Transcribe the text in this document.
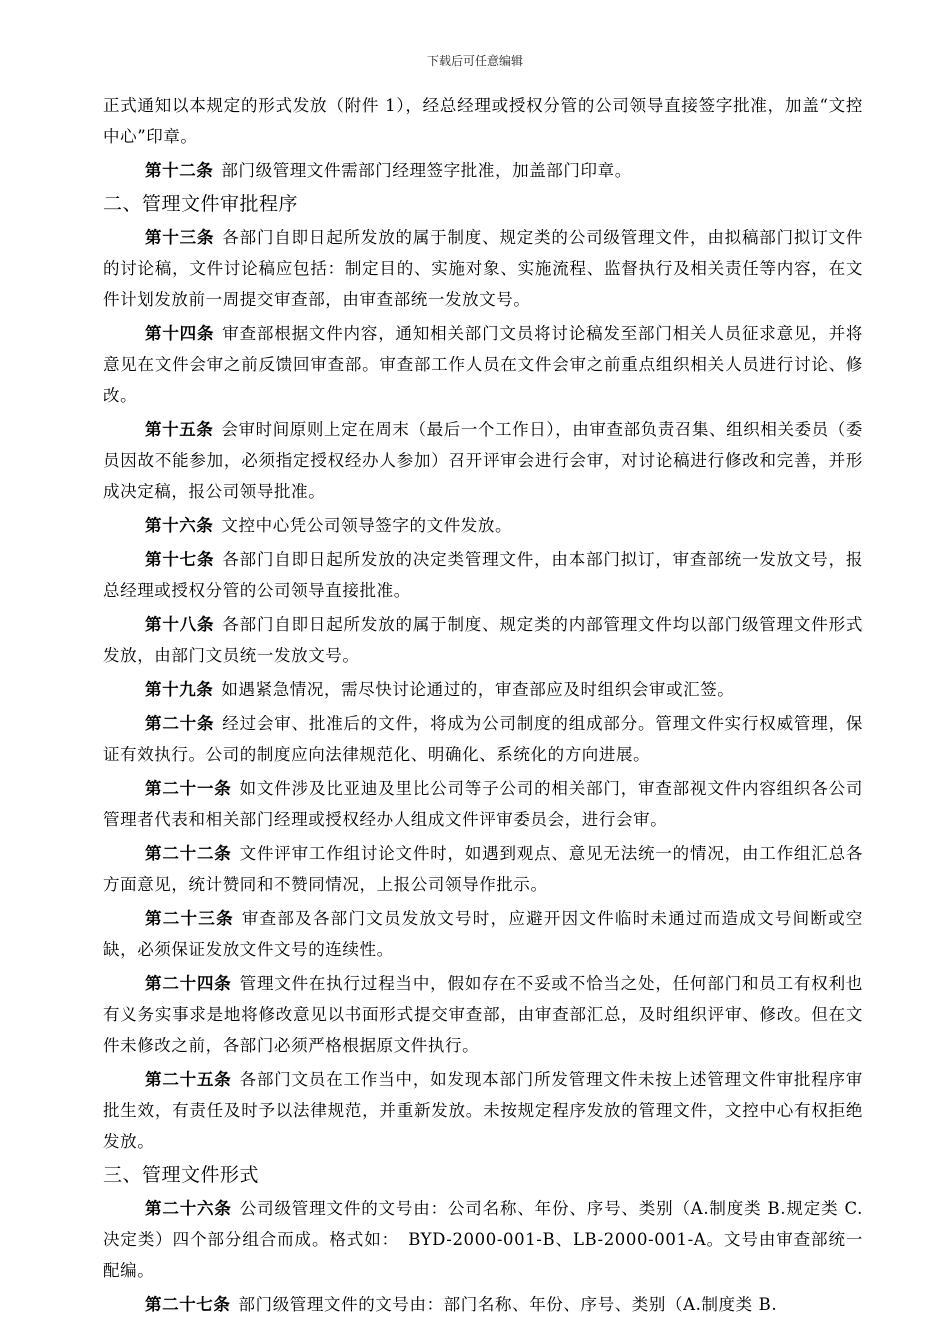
下载后可任意编辑

正式通知以本规定的形式发放（附件 1），经总经理或授权分管的公司领导直接签字批准，加盖“文控中心”印章。

第十二条 部门级管理文件需部门经理签字批准，加盖部门印章。

二、管理文件审批程序

第十三条 各部门自即日起所发放的属于制度、规定类的公司级管理文件，由拟稿部门拟订文件的讨论稿，文件讨论稿应包括：制定目的、实施对象、实施流程、监督执行及相关责任等内容，在文件计划发放前一周提交审查部，由审查部统一发放文号。

第十四条 审查部根据文件内容，通知相关部门文员将讨论稿发至部门相关人员征求意见，并将意见在文件会审之前反馈回审查部。审查部工作人员在文件会审之前重点组织相关人员进行讨论、修改。

第十五条 会审时间原则上定在周末（最后一个工作日），由审查部负责召集、组织相关委员（委员因故不能参加，必须指定授权经办人参加）召开评审会进行会审，对讨论稿进行修改和完善，并形成决定稿，报公司领导批准。

第十六条 文控中心凭公司领导签字的文件发放。

第十七条 各部门自即日起所发放的决定类管理文件，由本部门拟订，审查部统一发放文号，报总经理或授权分管的公司领导直接批准。

第十八条 各部门自即日起所发放的属于制度、规定类的内部管理文件均以部门级管理文件形式发放，由部门文员统一发放文号。

第十九条 如遇紧急情况，需尽快讨论通过的，审查部应及时组织会审或汇签。

第二十条 经过会审、批准后的文件，将成为公司制度的组成部分。管理文件实行权威管理，保证有效执行。公司的制度应向法律规范化、明确化、系统化的方向进展。

第二十一条 如文件涉及比亚迪及里比公司等子公司的相关部门，审查部视文件内容组织各公司管理者代表和相关部门经理或授权经办人组成文件评审委员会，进行会审。

第二十二条 文件评审工作组讨论文件时，如遇到观点、意见无法统一的情况，由工作组汇总各方面意见，统计赞同和不赞同情况，上报公司领导作批示。

第二十三条 审查部及各部门文员发放文号时，应避开因文件临时未通过而造成文号间断或空缺，必须保证发放文件文号的连续性。

第二十四条 管理文件在执行过程当中，假如存在不妥或不恰当之处，任何部门和员工有权利也有义务实事求是地将修改意见以书面形式提交审查部，由审查部汇总，及时组织评审、修改。但在文件未修改之前，各部门必须严格根据原文件执行。

第二十五条 各部门文员在工作当中，如发现本部门所发管理文件未按上述管理文件审批程序审批生效，有责任及时予以法律规范，并重新发放。未按规定程序发放的管理文件，文控中心有权拒绝发放。

三、管理文件形式

第二十六条 公司级管理文件的文号由：公司名称、年份、序号、类别（A.制度类 B.规定类 C.决定类）四个部分组合而成。格式如：　BYD-2000-001-B、LB-2000-001-A。文号由审查部统一配编。

第二十七条 部门级管理文件的文号由：部门名称、年份、序号、类别（A.制度类 B.
